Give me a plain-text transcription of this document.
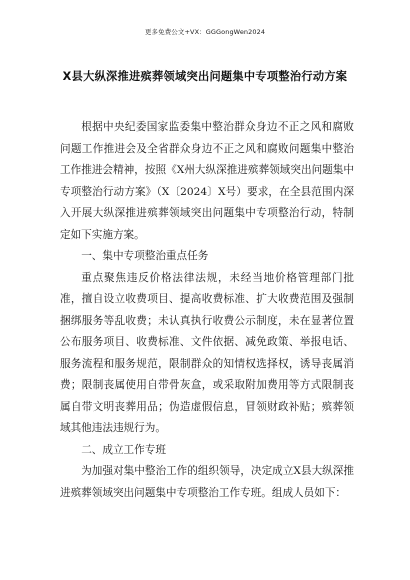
更多免费公文+VX：GGGongWen2024
X县大纵深推进殡葬领域突出问题集中专项整治行动方案

根据中央纪委国家监委集中整治群众身边不正之风和腐败问题工作推进会及全省群众身边不正之风和腐败问题集中整治工作推进会精神，按照《X州大纵深推进殡葬领域突出问题集中专项整治行动方案》（X〔2024〕X号）要求，在全县范围内深入开展大纵深推进殡葬领域突出问题集中专项整治行动，特制定如下实施方案。

一、集中专项整治重点任务

重点聚焦违反价格法律法规，未经当地价格管理部门批准，擅自设立收费项目、提高收费标准、扩大收费范围及强制捆绑服务等乱收费；未认真执行收费公示制度，未在显著位置公布服务项目、收费标准、文件依据、减免政策、举报电话、服务流程和服务规范，限制群众的知情权选择权，诱导丧属消费；限制丧属使用自带骨灰盒，或采取附加费用等方式限制丧属自带文明丧葬用品；伪造虚假信息，冒领财政补贴；殡葬领域其他违法违规行为。

二、成立工作专班

为加强对集中整治工作的组织领导，决定成立X县大纵深推进殡葬领域突出问题集中专项整治工作专班。组成人员如下：
